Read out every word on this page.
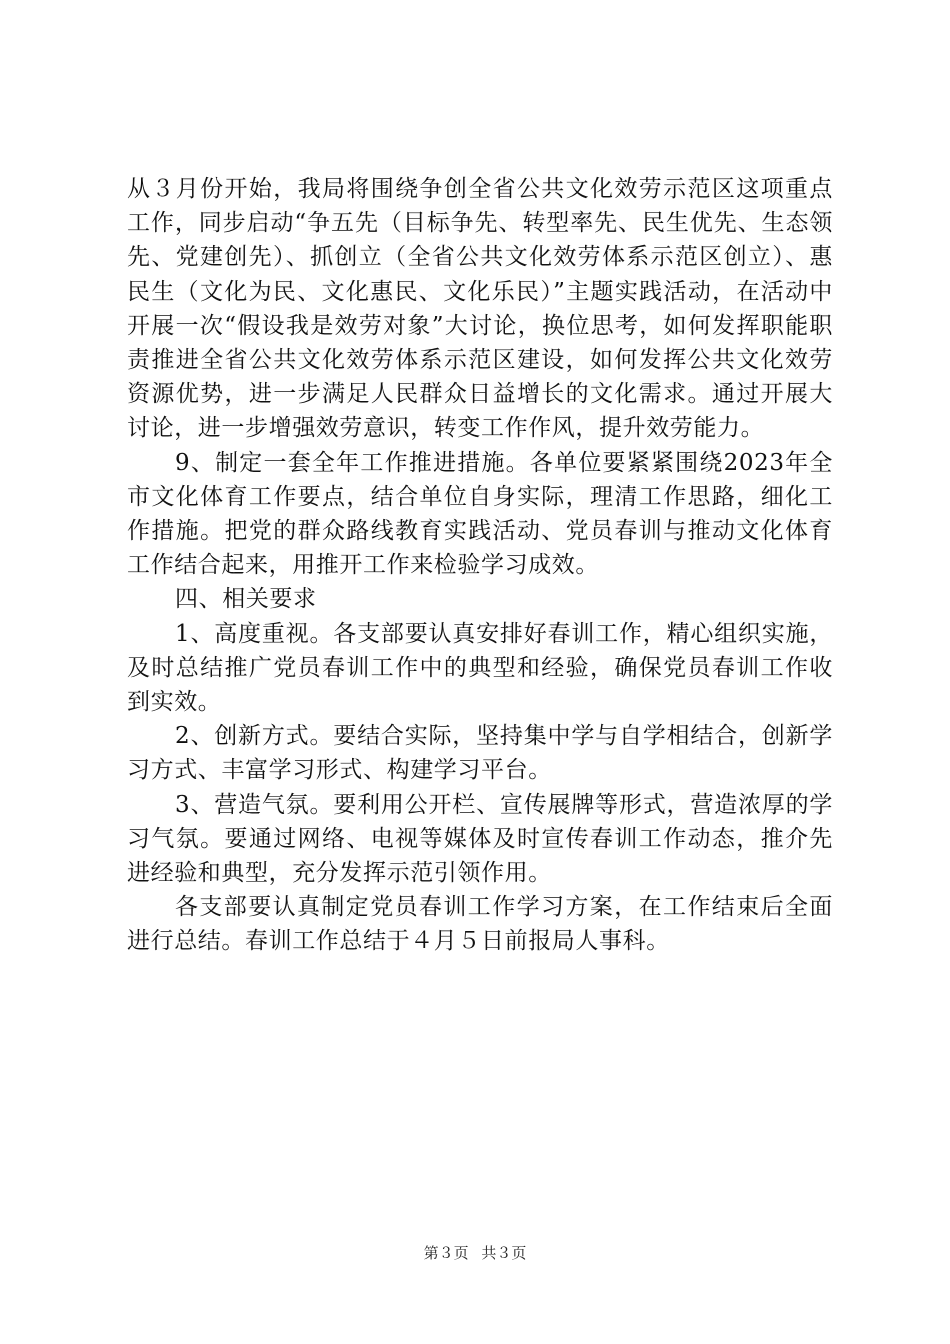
从３月份开始，我局将围绕争创全省公共文化效劳示范区这项重点工作，同步启动“争五先（目标争先、转型率先、民生优先、生态领先、党建创先）、抓创立（全省公共文化效劳体系示范区创立）、惠民生（文化为民、文化惠民、文化乐民）”主题实践活动，在活动中开展一次“假设我是效劳对象”大讨论，换位思考，如何发挥职能职责推进全省公共文化效劳体系示范区建设，如何发挥公共文化效劳资源优势，进一步满足人民群众日益增长的文化需求。通过开展大讨论，进一步增强效劳意识，转变工作作风，提升效劳能力。

9、制定一套全年工作推进措施。各单位要紧紧围绕2023年全市文化体育工作要点，结合单位自身实际，理清工作思路，细化工作措施。把党的群众路线教育实践活动、党员春训与推动文化体育工作结合起来，用推开工作来检验学习成效。

四、相关要求

1、高度重视。各支部要认真安排好春训工作，精心组织实施，及时总结推广党员春训工作中的典型和经验，确保党员春训工作收到实效。

2、创新方式。要结合实际，坚持集中学与自学相结合，创新学习方式、丰富学习形式、构建学习平台。

3、营造气氛。要利用公开栏、宣传展牌等形式，营造浓厚的学习气氛。要通过网络、电视等媒体及时宣传春训工作动态，推介先进经验和典型，充分发挥示范引领作用。

各支部要认真制定党员春训工作学习方案，在工作结束后全面进行总结。春训工作总结于４月５日前报局人事科。

第３页 共３页
